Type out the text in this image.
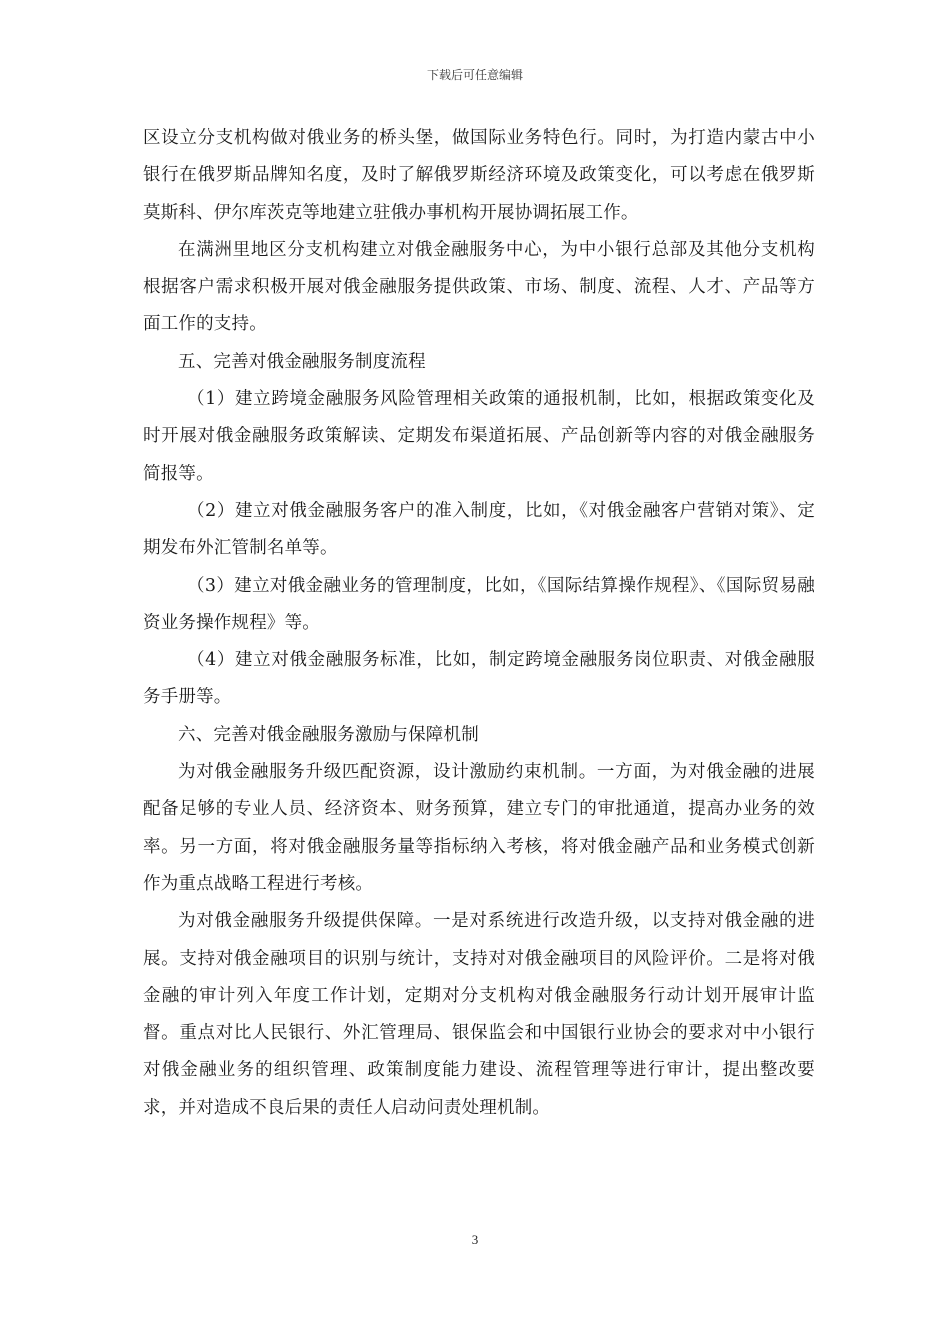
下载后可任意编辑

区设立分支机构做对俄业务的桥头堡，做国际业务特色行。同时，为打造内蒙古中小银行在俄罗斯品牌知名度，及时了解俄罗斯经济环境及政策变化，可以考虑在俄罗斯莫斯科、伊尔库茨克等地建立驻俄办事机构开展协调拓展工作。

在满洲里地区分支机构建立对俄金融服务中心，为中小银行总部及其他分支机构根据客户需求积极开展对俄金融服务提供政策、市场、制度、流程、人才、产品等方面工作的支持。

五、完善对俄金融服务制度流程

（1）建立跨境金融服务风险管理相关政策的通报机制，比如，根据政策变化及时开展对俄金融服务政策解读、定期发布渠道拓展、产品创新等内容的对俄金融服务简报等。

（2）建立对俄金融服务客户的准入制度，比如，《对俄金融客户营销对策》、定期发布外汇管制名单等。

（3）建立对俄金融业务的管理制度，比如，《国际结算操作规程》、《国际贸易融资业务操作规程》等。

（4）建立对俄金融服务标准，比如，制定跨境金融服务岗位职责、对俄金融服务手册等。

六、完善对俄金融服务激励与保障机制

为对俄金融服务升级匹配资源，设计激励约束机制。一方面，为对俄金融的进展配备足够的专业人员、经济资本、财务预算，建立专门的审批通道，提高办业务的效率。另一方面，将对俄金融服务量等指标纳入考核，将对俄金融产品和业务模式创新作为重点战略工程进行考核。

为对俄金融服务升级提供保障。一是对系统进行改造升级，以支持对俄金融的进展。支持对俄金融项目的识别与统计，支持对对俄金融项目的风险评价。二是将对俄金融的审计列入年度工作计划，定期对分支机构对俄金融服务行动计划开展审计监督。重点对比人民银行、外汇管理局、银保监会和中国银行业协会的要求对中小银行对俄金融业务的组织管理、政策制度能力建设、流程管理等进行审计，提出整改要求，并对造成不良后果的责任人启动问责处理机制。

3
